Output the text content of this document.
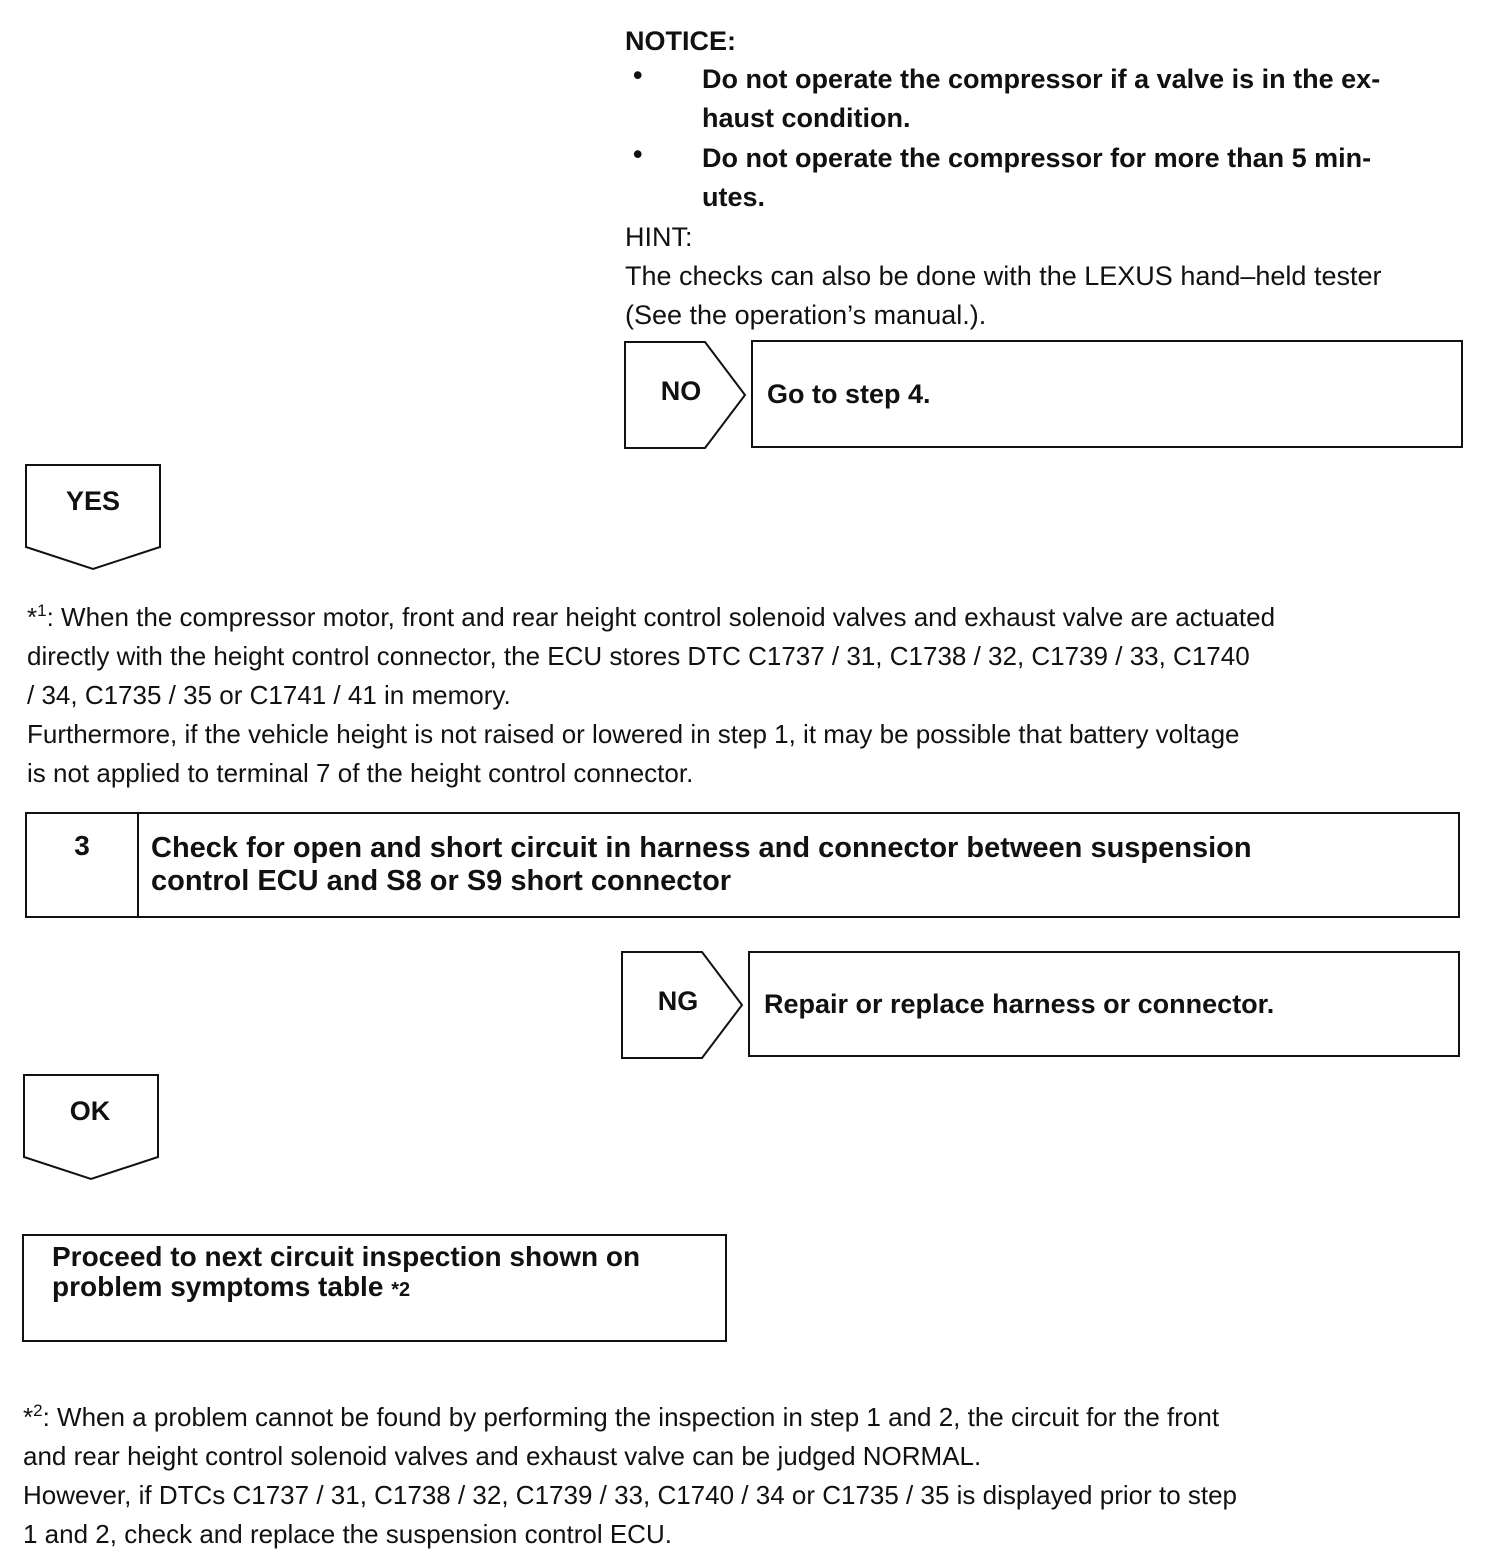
NOTICE:
• Do not operate the compressor if a valve is in the ex-
haust condition.
• Do not operate the compressor for more than 5 min-
utes.
HINT:
The checks can also be done with the LEXUS hand–held tester
(See the operation’s manual.).
NO	Go to step 4.
YES
*$^1$: When the compressor motor, front and rear height control solenoid valves and exhaust valve are actuated
directly with the height control connector, the ECU stores DTC C1737 / 31, C1738 / 32, C1739 / 33, C1740
/ 34, C1735 / 35 or C1741 / 41 in memory.
Furthermore, if the vehicle height is not raised or lowered in step 1, it may be possible that battery voltage
is not applied to terminal 7 of the height control connector.
3	Check for open and short circuit in harness and connector between suspension
control ECU and S8 or S9 short connector
NG	Repair or replace harness or connector.
OK
Proceed to next circuit inspection shown on
problem symptoms table *2
*$^2$: When a problem cannot be found by performing the inspection in step 1 and 2, the circuit for the front
and rear height control solenoid valves and exhaust valve can be judged NORMAL.
However, if DTCs C1737 / 31, C1738 / 32, C1739 / 33, C1740 / 34 or C1735 / 35 is displayed prior to step
1 and 2, check and replace the suspension control ECU.
